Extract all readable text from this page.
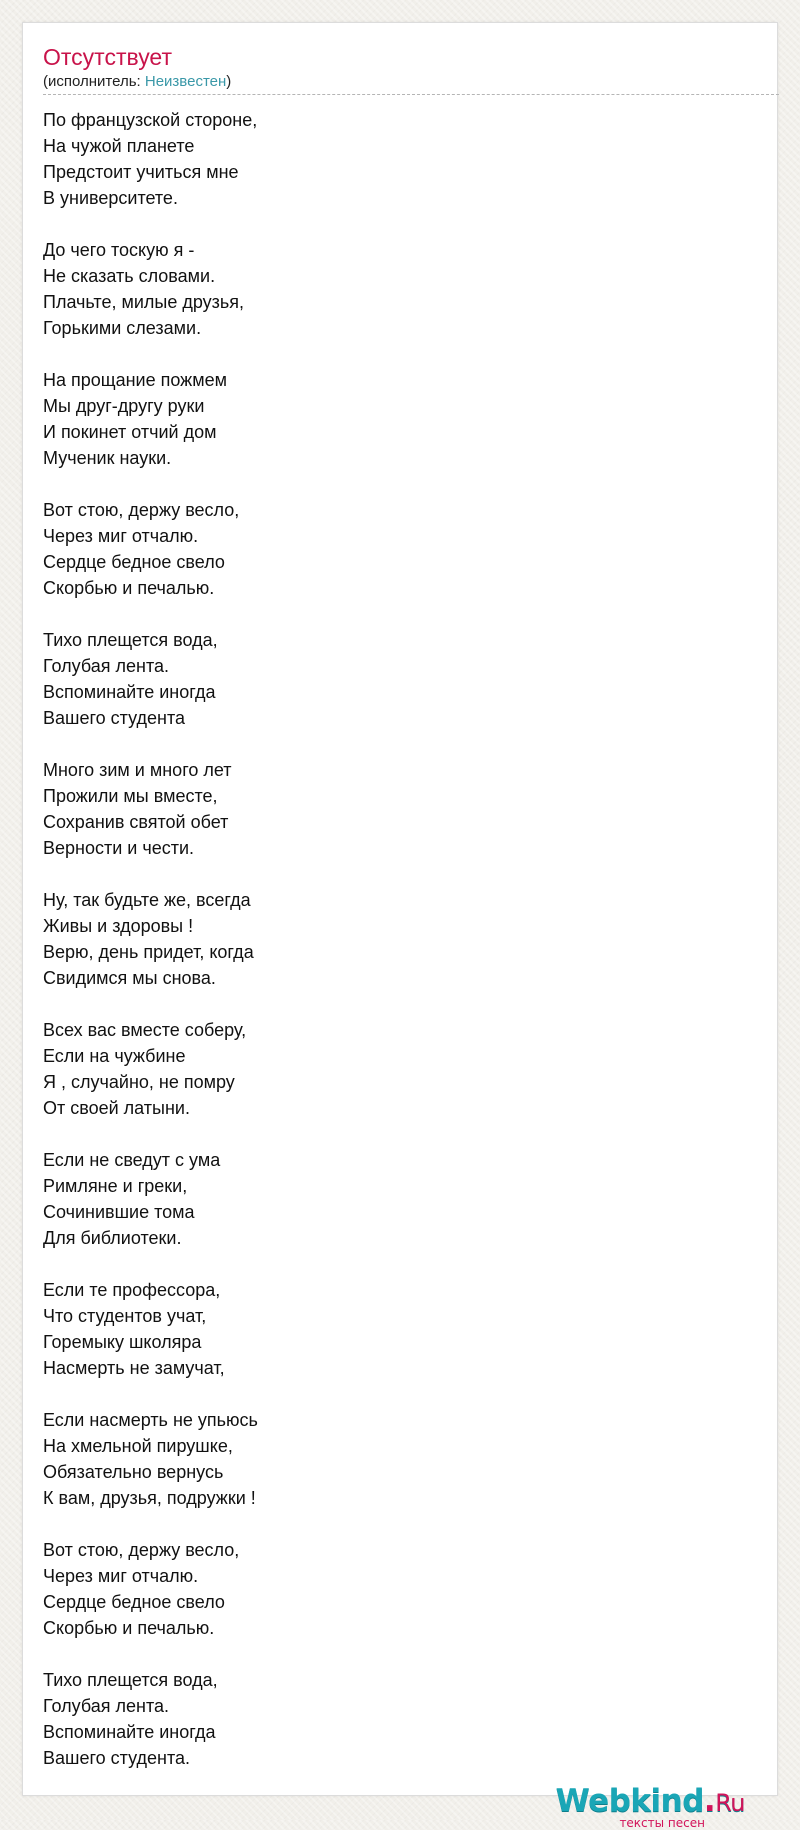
Отсутствует
(исполнитель: Неизвестен)
По французской стороне,
На чужой планете
Предстоит учиться мне
В университете.
До чего тоскую я -
Не сказать словами.
Плачьте, милые друзья,
Горькими слезами.
На прощание пожмем
Мы друг-другу руки
И покинет отчий дом
Мученик науки.
Вот стою, держу весло,
Через миг отчалю.
Сердце бедное свело
Скорбью и печалью.
Тихо плещется вода,
Голубая лента.
Вспоминайте иногда
Вашего студента
Много зим и много лет
Прожили мы вместе,
Сохранив святой обет
Верности и чести.
Ну, так будьте же, всегда
Живы и здоровы !
Верю, день придет, когда
Свидимся мы снова.
Всех вас вместе соберу,
Если на чужбине
Я , случайно, не помру
От своей латыни.
Если не сведут с ума
Римляне и греки,
Сочинившие тома
Для библиотеки.
Если те профессора,
Что студентов учат,
Горемыку школяра
Насмерть не замучат,
Если насмерть не упьюсь
На хмельной пирушке,
Обязательно вернусь
К вам, друзья, подружки !
Вот стою, держу весло,
Через миг отчалю.
Сердце бедное свело
Скорбью и печалью.
Тихо плещется вода,
Голубая лента.
Вспоминайте иногда
Вашего студента.
Webkind.Ru
тексты песен
